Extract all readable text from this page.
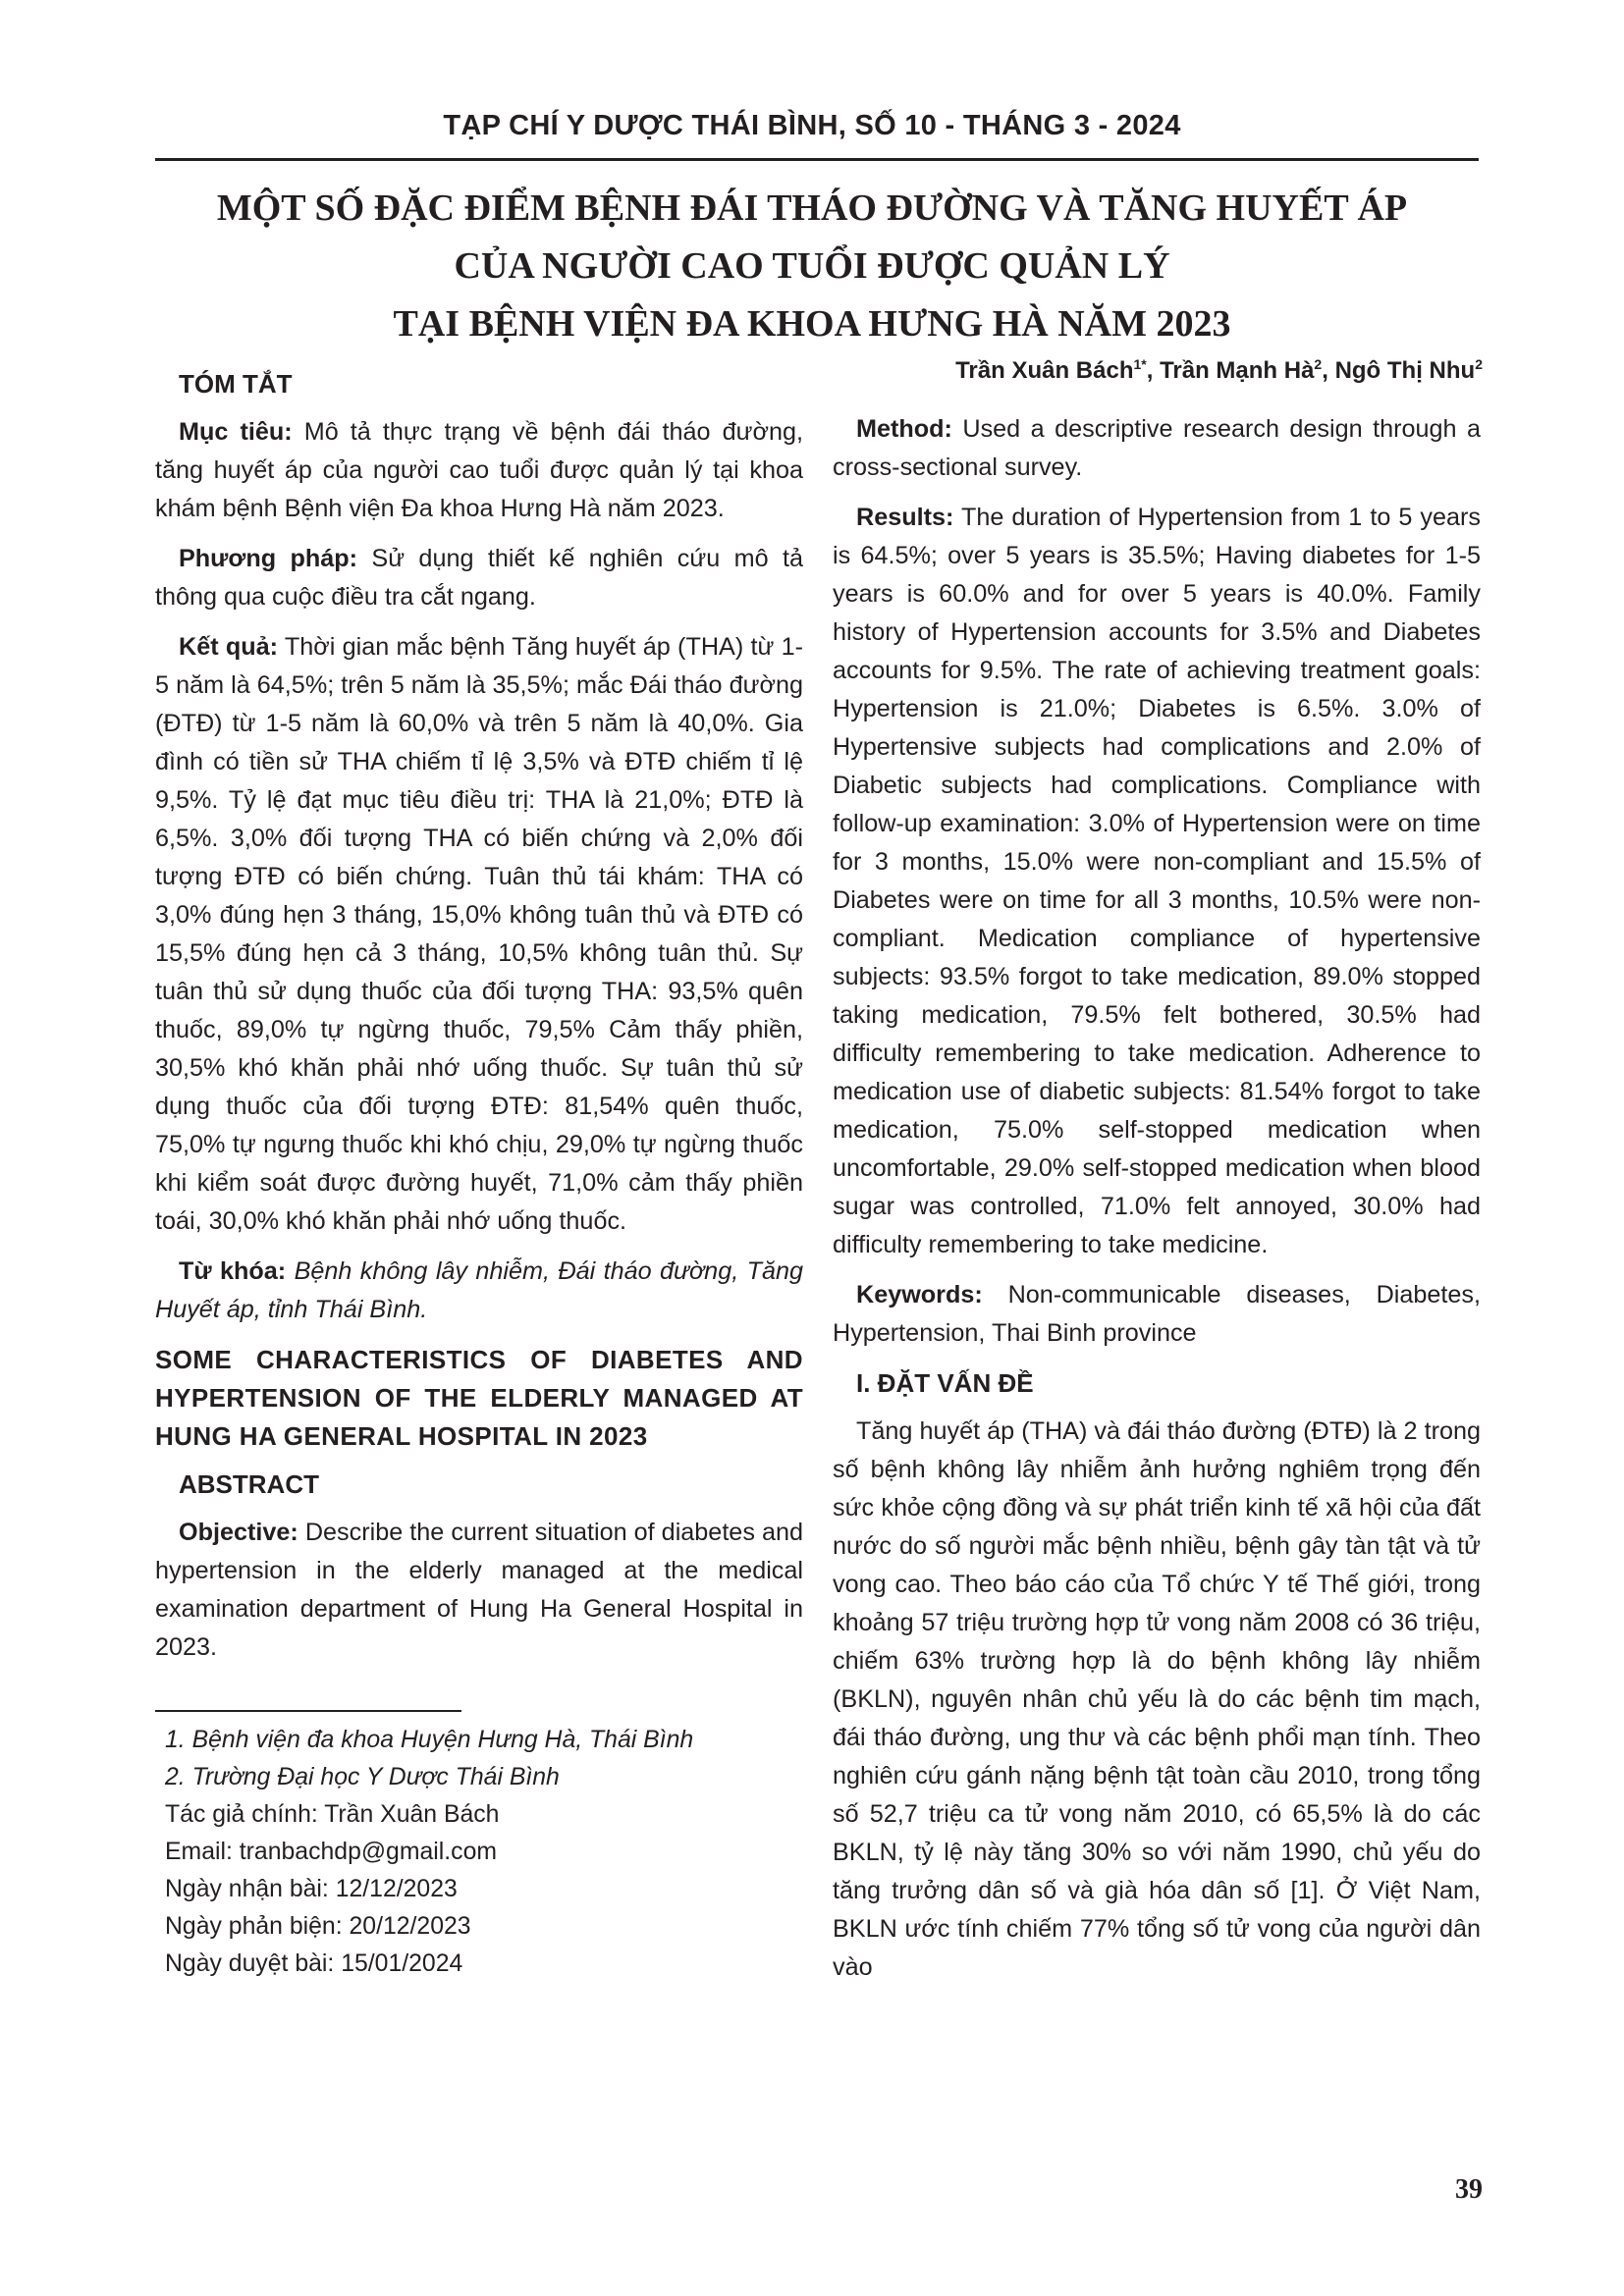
TẠP CHÍ Y DƯỢC THÁI BÌNH, SỐ 10 - THÁNG 3 - 2024
MỘT SỐ ĐẶC ĐIỂM BỆNH ĐÁI THÁO ĐƯỜNG VÀ TĂNG HUYẾT ÁP
CỦA NGƯỜI CAO TUỔI ĐƯỢC QUẢN LÝ
TẠI BỆNH VIỆN ĐA KHOA HƯNG HÀ NĂM 2023
Trần Xuân Bách$^{1*}$, Trần Mạnh $Hà^2$, Ngô Thị Nhu$^2$
TÓM TẮT

Mục tiêu: Mô tả thực trạng về bệnh đái tháo đường, tăng huyết áp của người cao tuổi được quản lý tại khoa khám bệnh Bệnh viện Đa khoa Hưng Hà năm 2023.

Phương pháp: Sử dụng thiết kế nghiên cứu mô tả thông qua cuộc điều tra cắt ngang.

Kết quả: Thời gian mắc bệnh Tăng huyết áp (THA) từ 1-5 năm là 64,5%; trên 5 năm là 35,5%; mắc Đái tháo đường (ĐTĐ) từ 1-5 năm là 60,0% và trên 5 năm là 40,0%. Gia đình có tiền sử THA chiếm tỉ lệ 3,5% và ĐTĐ chiếm tỉ lệ 9,5%. Tỷ lệ đạt mục tiêu điều trị: THA là 21,0%; ĐTĐ là 6,5%. 3,0% đối tượng THA có biến chứng và 2,0% đối tượng ĐTĐ có biến chứng. Tuân thủ tái khám: THA có 3,0% đúng hẹn 3 tháng, 15,0% không tuân thủ và ĐTĐ có 15,5% đúng hẹn cả 3 tháng, 10,5% không tuân thủ. Sự tuân thủ sử dụng thuốc của đối tượng THA: 93,5% quên thuốc, 89,0% tự ngừng thuốc, 79,5% Cảm thấy phiền, 30,5% khó khăn phải nhớ uống thuốc. Sự tuân thủ sử dụng thuốc của đối tượng ĐTĐ: 81,54% quên thuốc, 75,0% tự ngưng thuốc khi khó chịu, 29,0% tự ngừng thuốc khi kiểm soát được đường huyết, 71,0% cảm thấy phiền toái, 30,0% khó khăn phải nhớ uống thuốc.

Từ khóa: Bệnh không lây nhiễm, Đái tháo đường, Tăng Huyết áp, tỉnh Thái Bình.

SOME CHARACTERISTICS OF DIABETES AND HYPERTENSION OF THE ELDERLY MANAGED AT HUNG HA GENERAL HOSPITAL IN 2023
ABSTRACT

Objective: Describe the current situation of diabetes and hypertension in the elderly managed at the medical examination department of Hung Ha General Hospital in 2023.

1. Bệnh viện đa khoa Huyện Hưng Hà, Thái Bình
2. Trường Đại học Y Dược Thái Bình
Tác giả chính: Trần Xuân Bách
Email: tranbachdp@gmail.com
Ngày nhận bài: 12/12/2023
Ngày phản biện: 20/12/2023
Ngày duyệt bài: 15/01/2024

Method: Used a descriptive research design through a cross-sectional survey.

Results: The duration of Hypertension from 1 to 5 years is 64.5%; over 5 years is 35.5%; Having diabetes for 1-5 years is 60.0% and for over 5 years is 40.0%. Family history of Hypertension accounts for 3.5% and Diabetes accounts for 9.5%. The rate of achieving treatment goals: Hypertension is 21.0%; Diabetes is 6.5%. 3.0% of Hypertensive subjects had complications and 2.0% of Diabetic subjects had complications. Compliance with follow-up examination: 3.0% of Hypertension were on time for 3 months, 15.0% were non-compliant and 15.5% of Diabetes were on time for all 3 months, 10.5% were non-compliant. Medication compliance of hypertensive subjects: 93.5% forgot to take medication, 89.0% stopped taking medication, 79.5% felt bothered, 30.5% had difficulty remembering to take medication. Adherence to medication use of diabetic subjects: 81.54% forgot to take medication, 75.0% self-stopped medication when uncomfortable, 29.0% self-stopped medication when blood sugar was controlled, 71.0% felt annoyed, 30.0% had difficulty remembering to take medicine.

Keywords: Non-communicable diseases, Diabetes, Hypertension, Thai Binh province

I. ĐẶT VẤN ĐỀ

Tăng huyết áp (THA) và đái tháo đường (ĐTĐ) là 2 trong số bệnh không lây nhiễm ảnh hưởng nghiêm trọng đến sức khỏe cộng đồng và sự phát triển kinh tế xã hội của đất nước do số người mắc bệnh nhiều, bệnh gây tàn tật và tử vong cao. Theo báo cáo của Tổ chức Y tế Thế giới, trong khoảng 57 triệu trường hợp tử vong năm 2008 có 36 triệu, chiếm 63% trường hợp là do bệnh không lây nhiễm (BKLN), nguyên nhân chủ yếu là do các bệnh tim mạch, đái tháo đường, ung thư và các bệnh phổi mạn tính. Theo nghiên cứu gánh nặng bệnh tật toàn cầu 2010, trong tổng số 52,7 triệu ca tử vong năm 2010, có 65,5% là do các BKLN, tỷ lệ này tăng 30% so với năm 1990, chủ yếu do tăng trưởng dân số và già hóa dân số [1]. Ở Việt Nam, BKLN ước tính chiếm 77% tổng số tử vong của người dân vào

39
